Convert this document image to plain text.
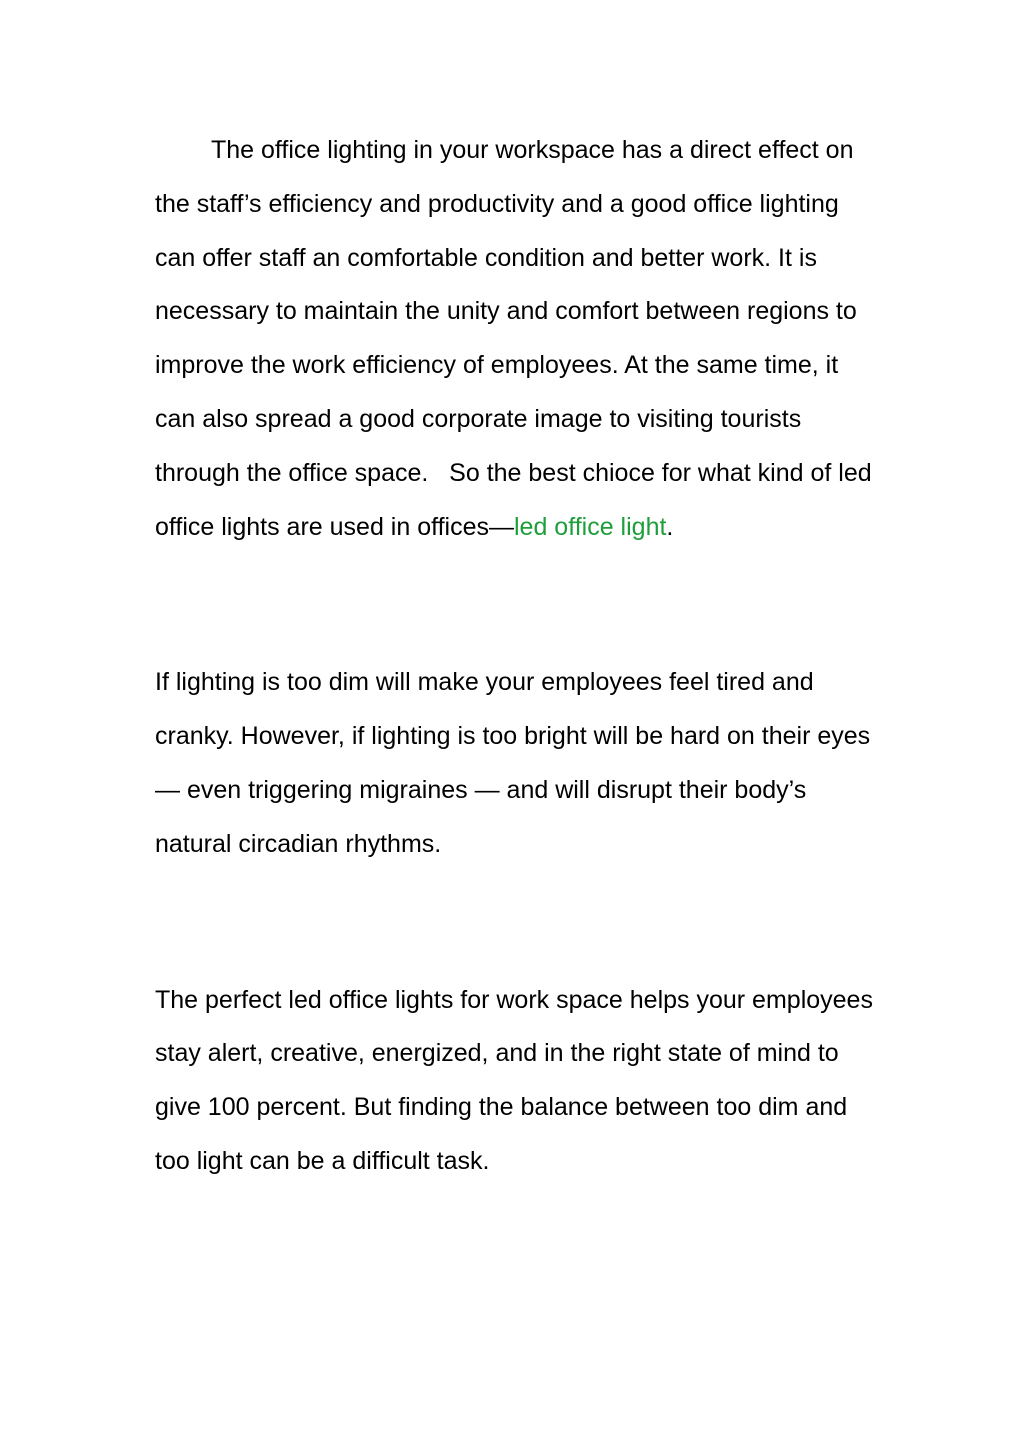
The office lighting in your workspace has a direct effect on the staff’s efficiency and productivity and a good office lighting can offer staff an comfortable condition and better work. It is necessary to maintain the unity and comfort between regions to improve the work efficiency of employees. At the same time, it can also spread a good corporate image to visiting tourists through the office space.   So the best chioce for what kind of led office lights are used in offices—led office light.

If lighting is too dim will make your employees feel tired and cranky. However, if lighting is too bright will be hard on their eyes — even triggering migraines — and will disrupt their body’s natural circadian rhythms.

The perfect led office lights for work space helps your employees stay alert, creative, energized, and in the right state of mind to give 100 percent. But finding the balance between too dim and too light can be a difficult task.
